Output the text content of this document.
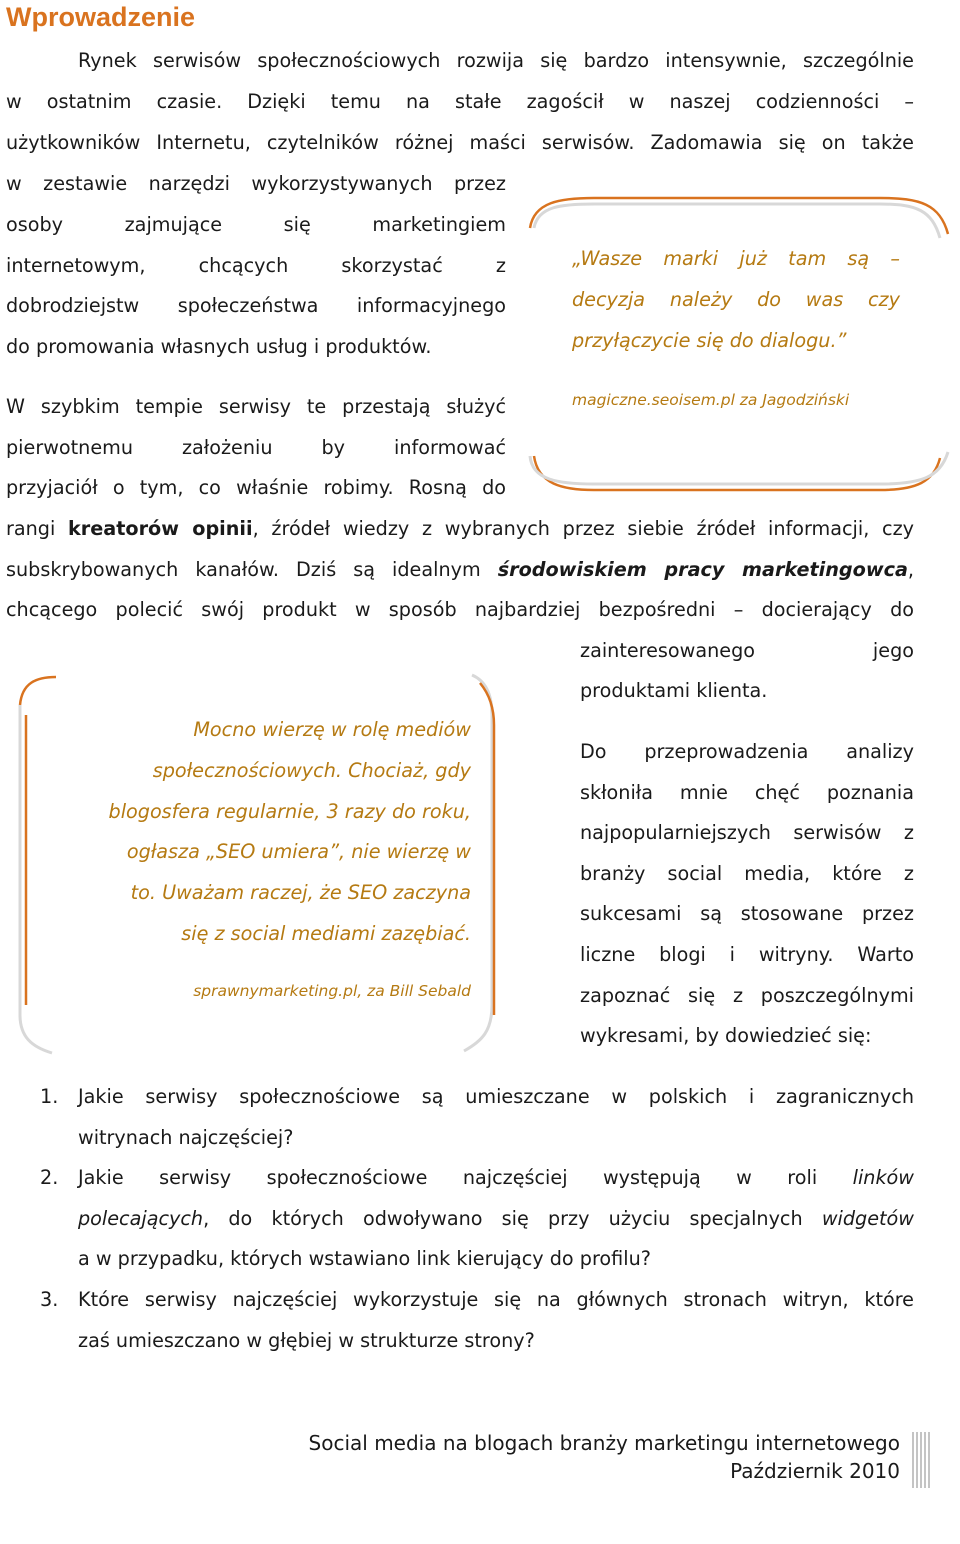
Wprowadzenie
Rynek serwisów społecznościowych rozwija się bardzo intensywnie, szczególnie
w ostatnim czasie. Dzięki temu na stałe zagościł w naszej codzienności –
użytkowników Internetu, czytelników różnej maści serwisów. Zadomawia się on także
w zestawie narzędzi wykorzystywanych przez
osoby zajmujące się marketingiem
internetowym, chcących skorzystać z
dobrodziejstw społeczeństwa informacyjnego
do promowania własnych usług i produktów.
„Wasze marki już tam są –
decyzja należy do was czy
przyłączycie się do dialogu.”
magiczne.seoisem.pl za Jagodziński
W szybkim tempie serwisy te przestają służyć
pierwotnemu założeniu by informować
przyjaciół o tym, co właśnie robimy. Rosną do
rangi kreatorów opinii, źródeł wiedzy z wybranych przez siebie źródeł informacji, czy
subskrybowanych kanałów. Dziś są idealnym środowiskiem pracy marketingowca,
chcącego polecić swój produkt w sposób najbardziej bezpośredni – docierający do
zainteresowanego jego
produktami klienta.
Mocno wierzę w rolę mediów
społecznościowych. Chociaż, gdy
blogosfera regularnie, 3 razy do roku,
ogłasza „SEO umiera”, nie wierzę w
to. Uważam raczej, że SEO zaczyna
się z social mediami zazębiać.
sprawnymarketing.pl, za Bill Sebald
Do przeprowadzenia analizy
skłoniła mnie chęć poznania
najpopularniejszych serwisów z
branży social media, które z
sukcesami są stosowane przez
liczne blogi i witryny. Warto
zapoznać się z poszczególnymi
wykresami, by dowiedzieć się:
1. Jakie serwisy społecznościowe są umieszczane w polskich i zagranicznych
witrynach najczęściej?
2. Jakie serwisy społecznościowe najczęściej występują w roli linków
polecających, do których odwoływano się przy użyciu specjalnych widgetów
a w przypadku, których wstawiano link kierujący do profilu?
3. Które serwisy najczęściej wykorzystuje się na głównych stronach witryn, które
zaś umieszczano w głębiej w strukturze strony?
Social media na blogach branży marketingu internetowego
Październik 2010
